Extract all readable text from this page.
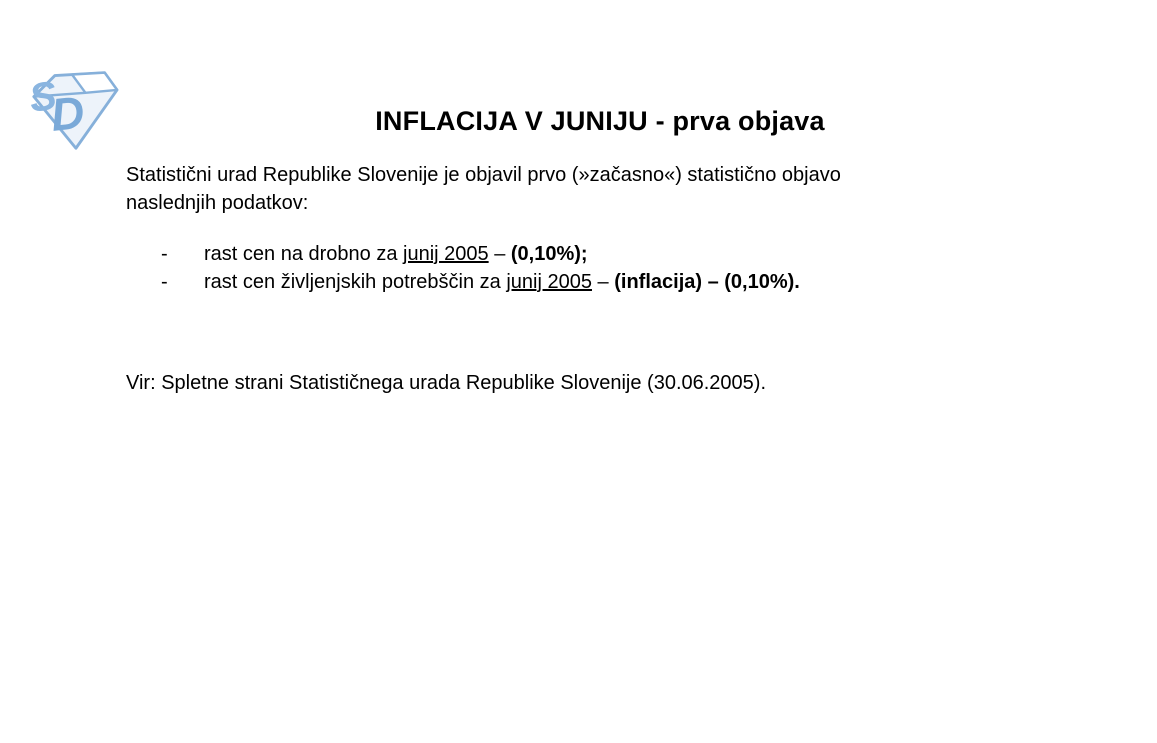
S
D	INFLACIJA V JUNIJU - prva objava
Statistični urad Republike Slovenije je objavil prvo (»začasno«) statistično objavo
naslednjih podatkov:
- rast cen na drobno za junij 2005 – (0,10%);
- rast cen življenjskih potrebščin za junij 2005 – (inflacija) – (0,10%).
Vir: Spletne strani Statističnega urada Republike Slovenije (30.06.2005).
